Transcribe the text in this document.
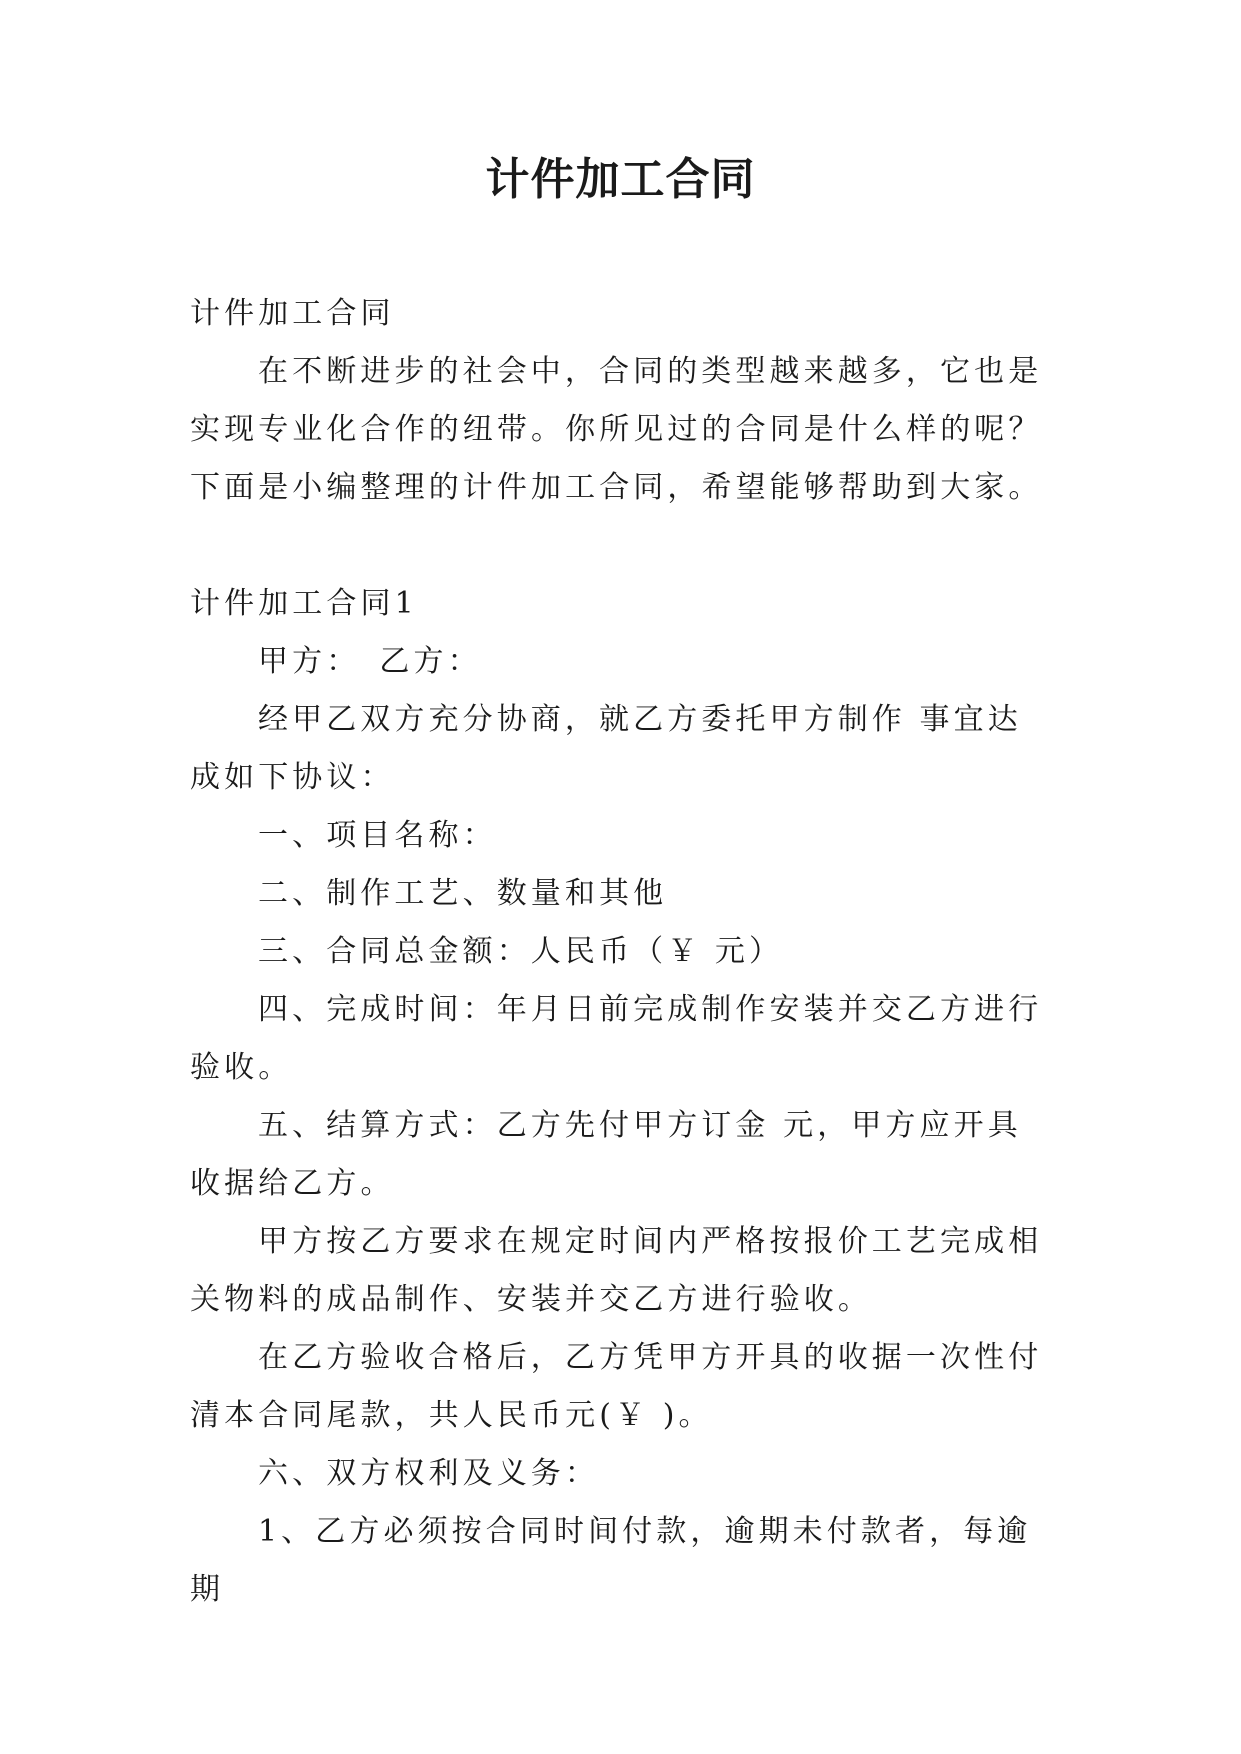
计件加工合同

计件加工合同

在不断进步的社会中，合同的类型越来越多，它也是实现专业化合作的纽带。你所见过的合同是什么样的呢？下面是小编整理的计件加工合同，希望能够帮助到大家。

计件加工合同1

甲方：　乙方：

经甲乙双方充分协商，就乙方委托甲方制作 事宜达成如下协议：

一、项目名称：

二、制作工艺、数量和其他

三、合同总金额：人民币（￥ 元）

四、完成时间：年月日前完成制作安装并交乙方进行验收。

五、结算方式：乙方先付甲方订金 元，甲方应开具收据给乙方。

甲方按乙方要求在规定时间内严格按报价工艺完成相关物料的成品制作、安装并交乙方进行验收。

在乙方验收合格后，乙方凭甲方开具的收据一次性付清本合同尾款，共人民币元(￥ )。

六、双方权利及义务：

1、乙方必须按合同时间付款，逾期未付款者，每逾期
